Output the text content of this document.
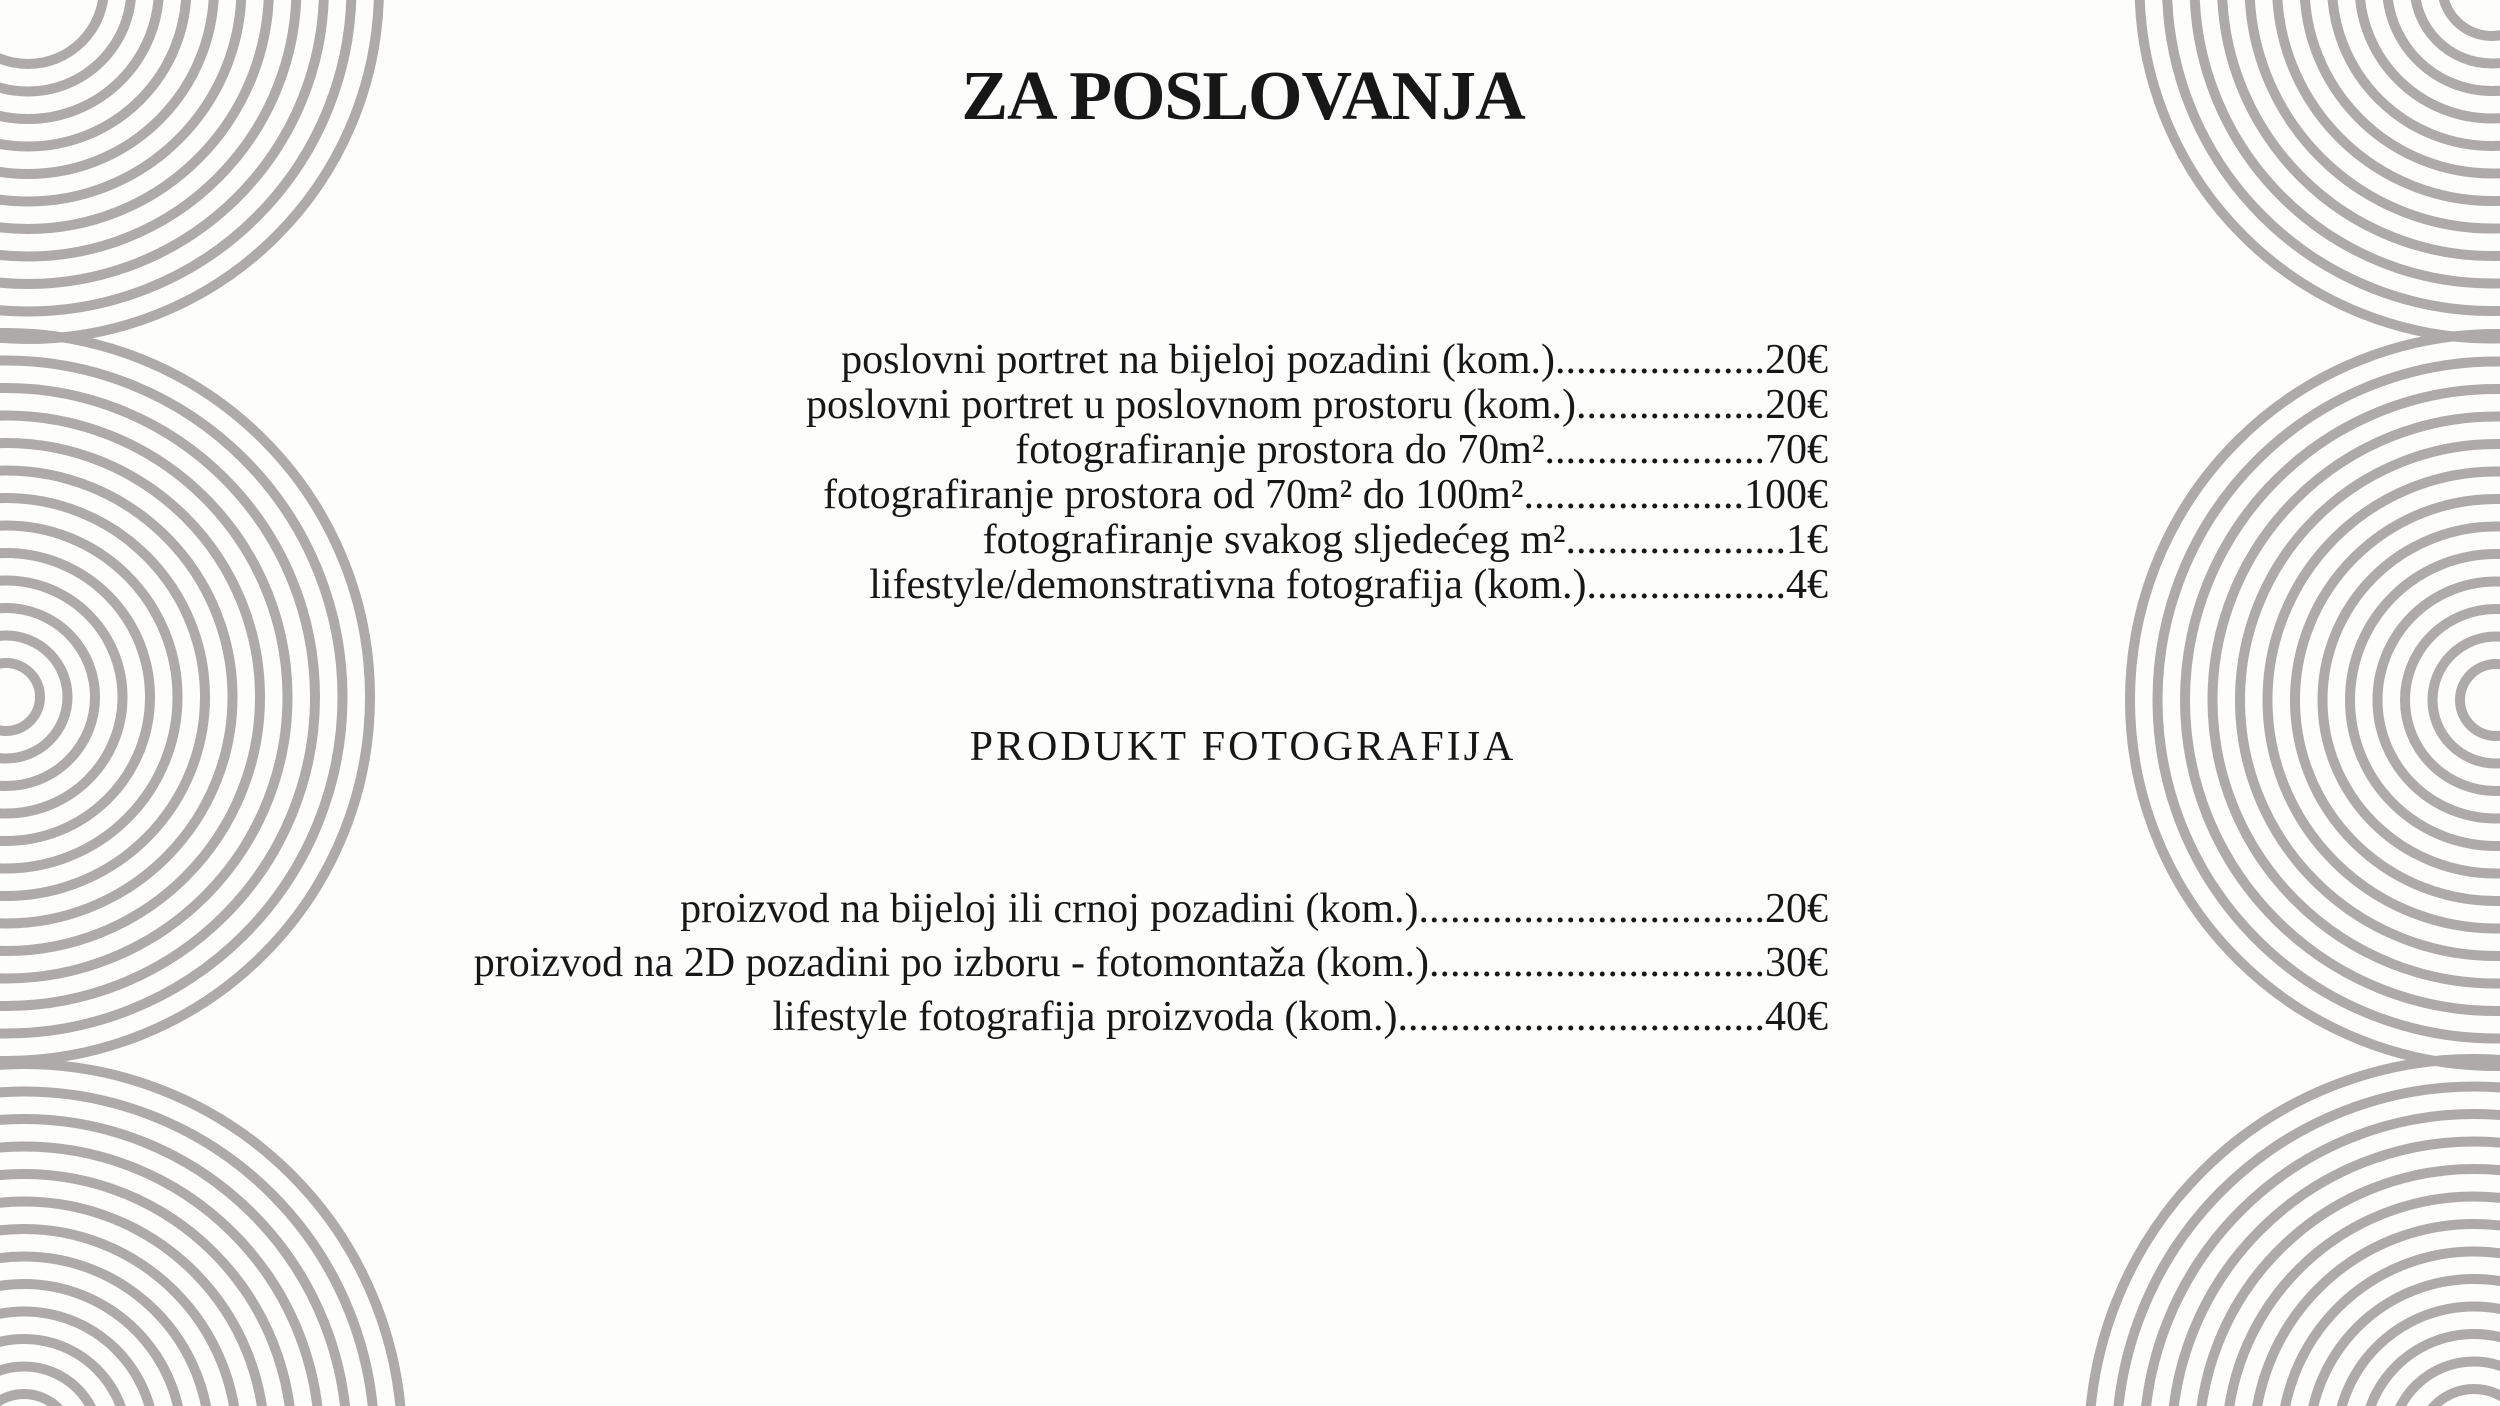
ZA POSLOVANJA
poslovni portret na bijeloj pozadini (kom.)....................20€
poslovni portret u poslovnom prostoru (kom.)..................20€
fotografiranje prostora do 70m².....................70€
fotografiranje prostora od 70m² do 100m².....................100€
fotografiranje svakog sljedećeg m².....................1€
lifestyle/demonstrativna fotografija (kom.)...................4€
PRODUKT FOTOGRAFIJA
proizvod na bijeloj ili crnoj pozadini (kom.).................................20€
proizvod na 2D pozadini po izboru - fotomontaža (kom.)................................30€
lifestyle fotografija proizvoda (kom.)...................................40€
